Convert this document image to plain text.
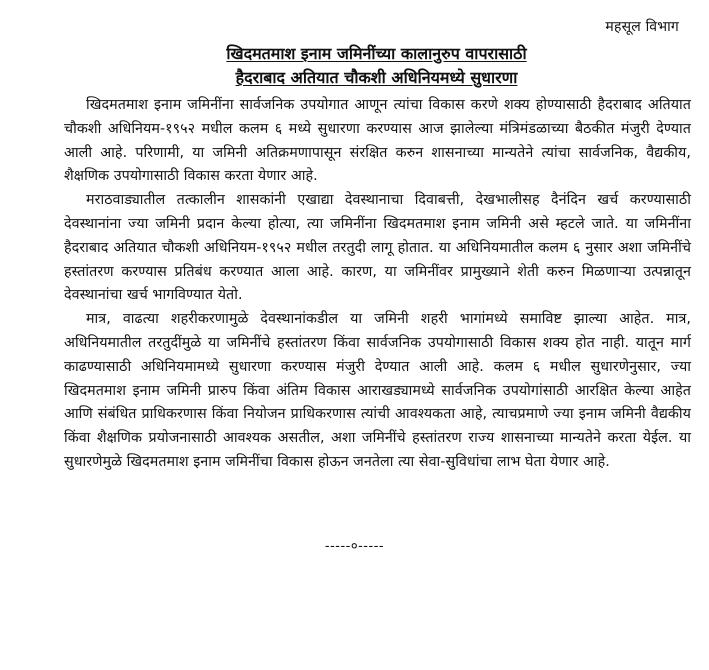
महसूल विभाग
खिदमतमाश इनाम जमिनींच्या कालानुरुप वापरासाठी
हैदराबाद अतियात चौकशी अधिनियमध्ये सुधारणा

खिदमतमाश इनाम जमिनींना सार्वजनिक उपयोगात आणून त्यांचा विकास करणे शक्य होण्यासाठी हैदराबाद अतियात चौकशी अधिनियम-१९५२ मधील कलम ६ मध्ये सुधारणा करण्यास आज झालेल्या मंत्रिमंडळाच्या बैठकीत मंजुरी देण्यात आली आहे. परिणामी, या जमिनी अतिक्रमणापासून संरक्षित करुन शासनाच्या मान्यतेने त्यांचा सार्वजनिक, वैद्यकीय, शैक्षणिक उपयोगासाठी विकास करता येणार आहे.

मराठवाड्यातील तत्कालीन शासकांनी एखाद्या देवस्थानाचा दिवाबत्ती, देखभालीसह दैनंदिन खर्च करण्यासाठी देवस्थानांना ज्या जमिनी प्रदान केल्या होत्या, त्या जमिनींना खिदमतमाश इनाम जमिनी असे म्हटले जाते. या जमिनींना हैदराबाद अतियात चौकशी अधिनियम-१९५२ मधील तरतुदी लागू होतात. या अधिनियमातील कलम ६ नुसार अशा जमिनींचे हस्तांतरण करण्यास प्रतिबंध करण्यात आला आहे. कारण, या जमिनींवर प्रामुख्याने शेती करुन मिळणाऱ्या उत्पन्नातून देवस्थानांचा खर्च भागविण्यात येतो.

मात्र, वाढत्या शहरीकरणामुळे देवस्थानांकडील या जमिनी शहरी भागांमध्ये समाविष्ट झाल्या आहेत. मात्र, अधिनियमातील तरतुदींमुळे या जमिनींचे हस्तांतरण किंवा सार्वजनिक उपयोगासाठी विकास शक्य होत नाही. यातून मार्ग काढण्यासाठी अधिनियमामध्ये सुधारणा करण्यास मंजुरी देण्यात आली आहे. कलम ६ मधील सुधारणेनुसार, ज्या खिदमतमाश इनाम जमिनी प्रारुप किंवा अंतिम विकास आराखड्यामध्ये सार्वजनिक उपयोगांसाठी आरक्षित केल्या आहेत आणि संबंधित प्राधिकरणास किंवा नियोजन प्राधिकरणास त्यांची आवश्यकता आहे, त्याचप्रमाणे ज्या इनाम जमिनी वैद्यकीय किंवा शैक्षणिक प्रयोजनासाठी आवश्यक असतील, अशा जमिनींचे हस्तांतरण राज्य शासनाच्या मान्यतेने करता येईल. या सुधारणेमुळे खिदमतमाश इनाम जमिनींचा विकास होऊन जनतेला त्या सेवा-सुविधांचा लाभ घेता येणार आहे.

-----०-----
